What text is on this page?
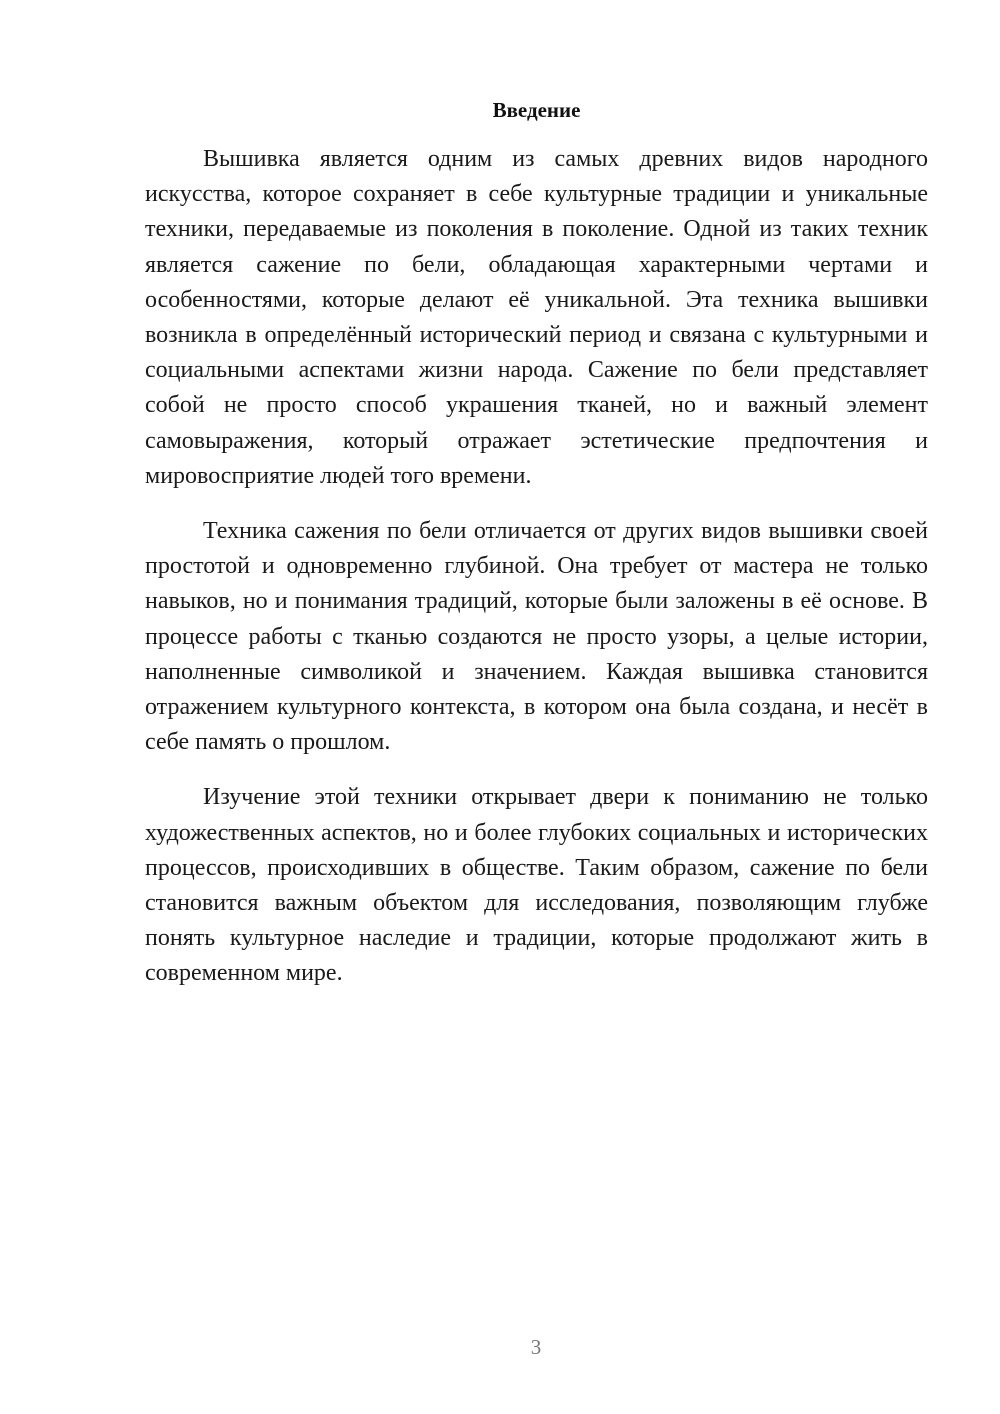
Введение

Вышивка является одним из самых древних видов народного искусства, которое сохраняет в себе культурные традиции и уникальные техники, передаваемые из поколения в поколение. Одной из таких техник является сажение по бели, обладающая характерными чертами и особенностями, которые делают её уникальной. Эта техника вышивки возникла в определённый исторический период и связана с культурными и социальными аспектами жизни народа. Сажение по бели представляет собой не просто способ украшения тканей, но и важный элемент самовыражения, который отражает эстетические предпочтения и мировосприятие людей того времени.

Техника сажения по бели отличается от других видов вышивки своей простотой и одновременно глубиной. Она требует от мастера не только навыков, но и понимания традиций, которые были заложены в её основе. В процессе работы с тканью создаются не просто узоры, а целые истории, наполненные символикой и значением. Каждая вышивка становится отражением культурного контекста, в котором она была создана, и несёт в себе память о прошлом.

Изучение этой техники открывает двери к пониманию не только художественных аспектов, но и более глубоких социальных и исторических процессов, происходивших в обществе. Таким образом, сажение по бели становится важным объектом для исследования, позволяющим глубже понять культурное наследие и традиции, которые продолжают жить в современном мире.

3
